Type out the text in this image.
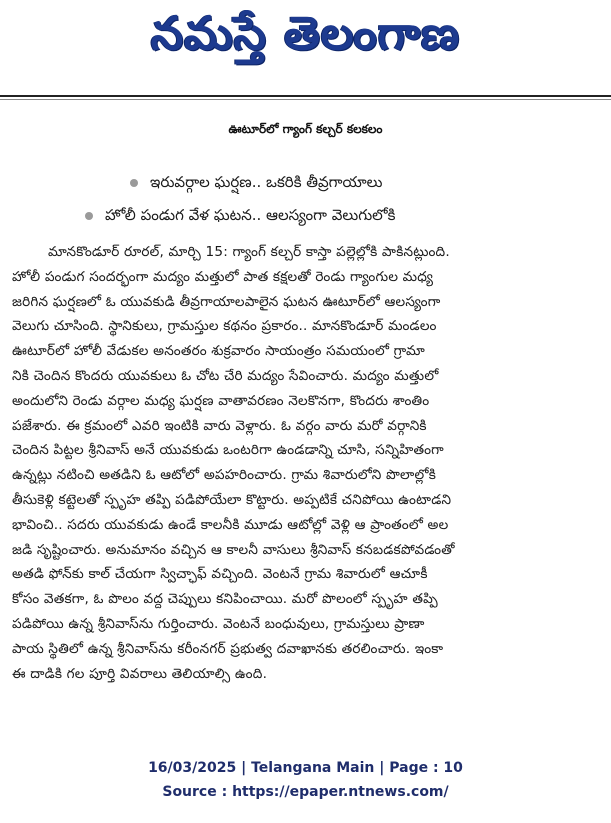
నమస్తే తెలంగాణ
ఊటూర్‌లో గ్యాంగ్ కల్చర్ కలకలం
ఇరువర్గాల ఘర్షణ.. ఒకరికి తీవ్రగాయాలు
హోలీ పండుగ వేళ ఘటన.. ఆలస్యంగా వెలుగులోకి
మానకొండూర్ రూరల్, మార్చి 15: గ్యాంగ్ కల్చర్ కాస్తా పల్లెల్లోకి పాకినట్లుంది.
హోలీ పండుగ సందర్భంగా మద్యం మత్తులో పాత కక్షలతో రెండు గ్యాంగుల మధ్య
జరిగిన ఘర్షణలో ఓ యువకుడి తీవ్రగాయాలపాలైన ఘటన ఊటూర్‌లో ఆలస్యంగా
వెలుగు చూసింది. స్థానికులు, గ్రామస్తుల కథనం ప్రకారం.. మానకొండూర్ మండలం
ఊటూర్‌లో హోలీ వేడుకల అనంతరం శుక్రవారం సాయంత్రం సమయంలో గ్రామా
నికి చెందిన కొందరు యువకులు ఓ చోట చేరి మద్యం సేవించారు. మద్యం మత్తులో
అందులోని రెండు వర్గాల మధ్య ఘర్షణ వాతావరణం నెలకొనగా, కొందరు శాంతిం
పజేశారు. ఈ క్రమంలో ఎవరి ఇంటికి వారు వెళ్లారు. ఓ వర్గం వారు మరో వర్గానికి
చెందిన పిట్టల శ్రీనివాస్ అనే యువకుడు ఒంటరిగా ఉండడాన్ని చూసి, సన్నిహితంగా
ఉన్నట్లు నటించి అతడిని ఓ ఆటోలో అపహరించారు. గ్రామ శివారులోని పొలాల్లోకి
తీసుకెళ్లి కట్టెలతో స్పృహ తప్పి పడిపోయేలా కొట్టారు. అప్పటికే చనిపోయి ఉంటాడని
భావించి.. సదరు యువకుడు ఉండే కాలనీకి మూడు ఆటోల్లో వెళ్లి ఆ ప్రాంతంలో అల
జడి సృష్టించారు. అనుమానం వచ్చిన ఆ కాలనీ వాసులు శ్రీనివాస్ కనబడకపోవడంతో
అతడి ఫోన్‌కు కాల్ చేయగా స్విచ్ఛాఫ్ వచ్చింది. వెంటనే గ్రామ శివారులో ఆచూకీ
కోసం వెతకగా, ఓ పొలం వద్ద చెప్పులు కనిపించాయి. మరో పొలంలో స్పృహ తప్పి
పడిపోయి ఉన్న శ్రీనివాస్‌ను గుర్తించారు. వెంటనే బంధువులు, గ్రామస్తులు ప్రాణా
పాయ స్థితిలో ఉన్న శ్రీనివాస్‌ను కరీంనగర్ ప్రభుత్వ దవాఖానకు తరలించారు. ఇంకా
ఈ దాడికి గల పూర్తి వివరాలు తెలియాల్సి ఉంది.
16/03/2025 | Telangana Main | Page : 10
Source : https://epaper.ntnews.com/
